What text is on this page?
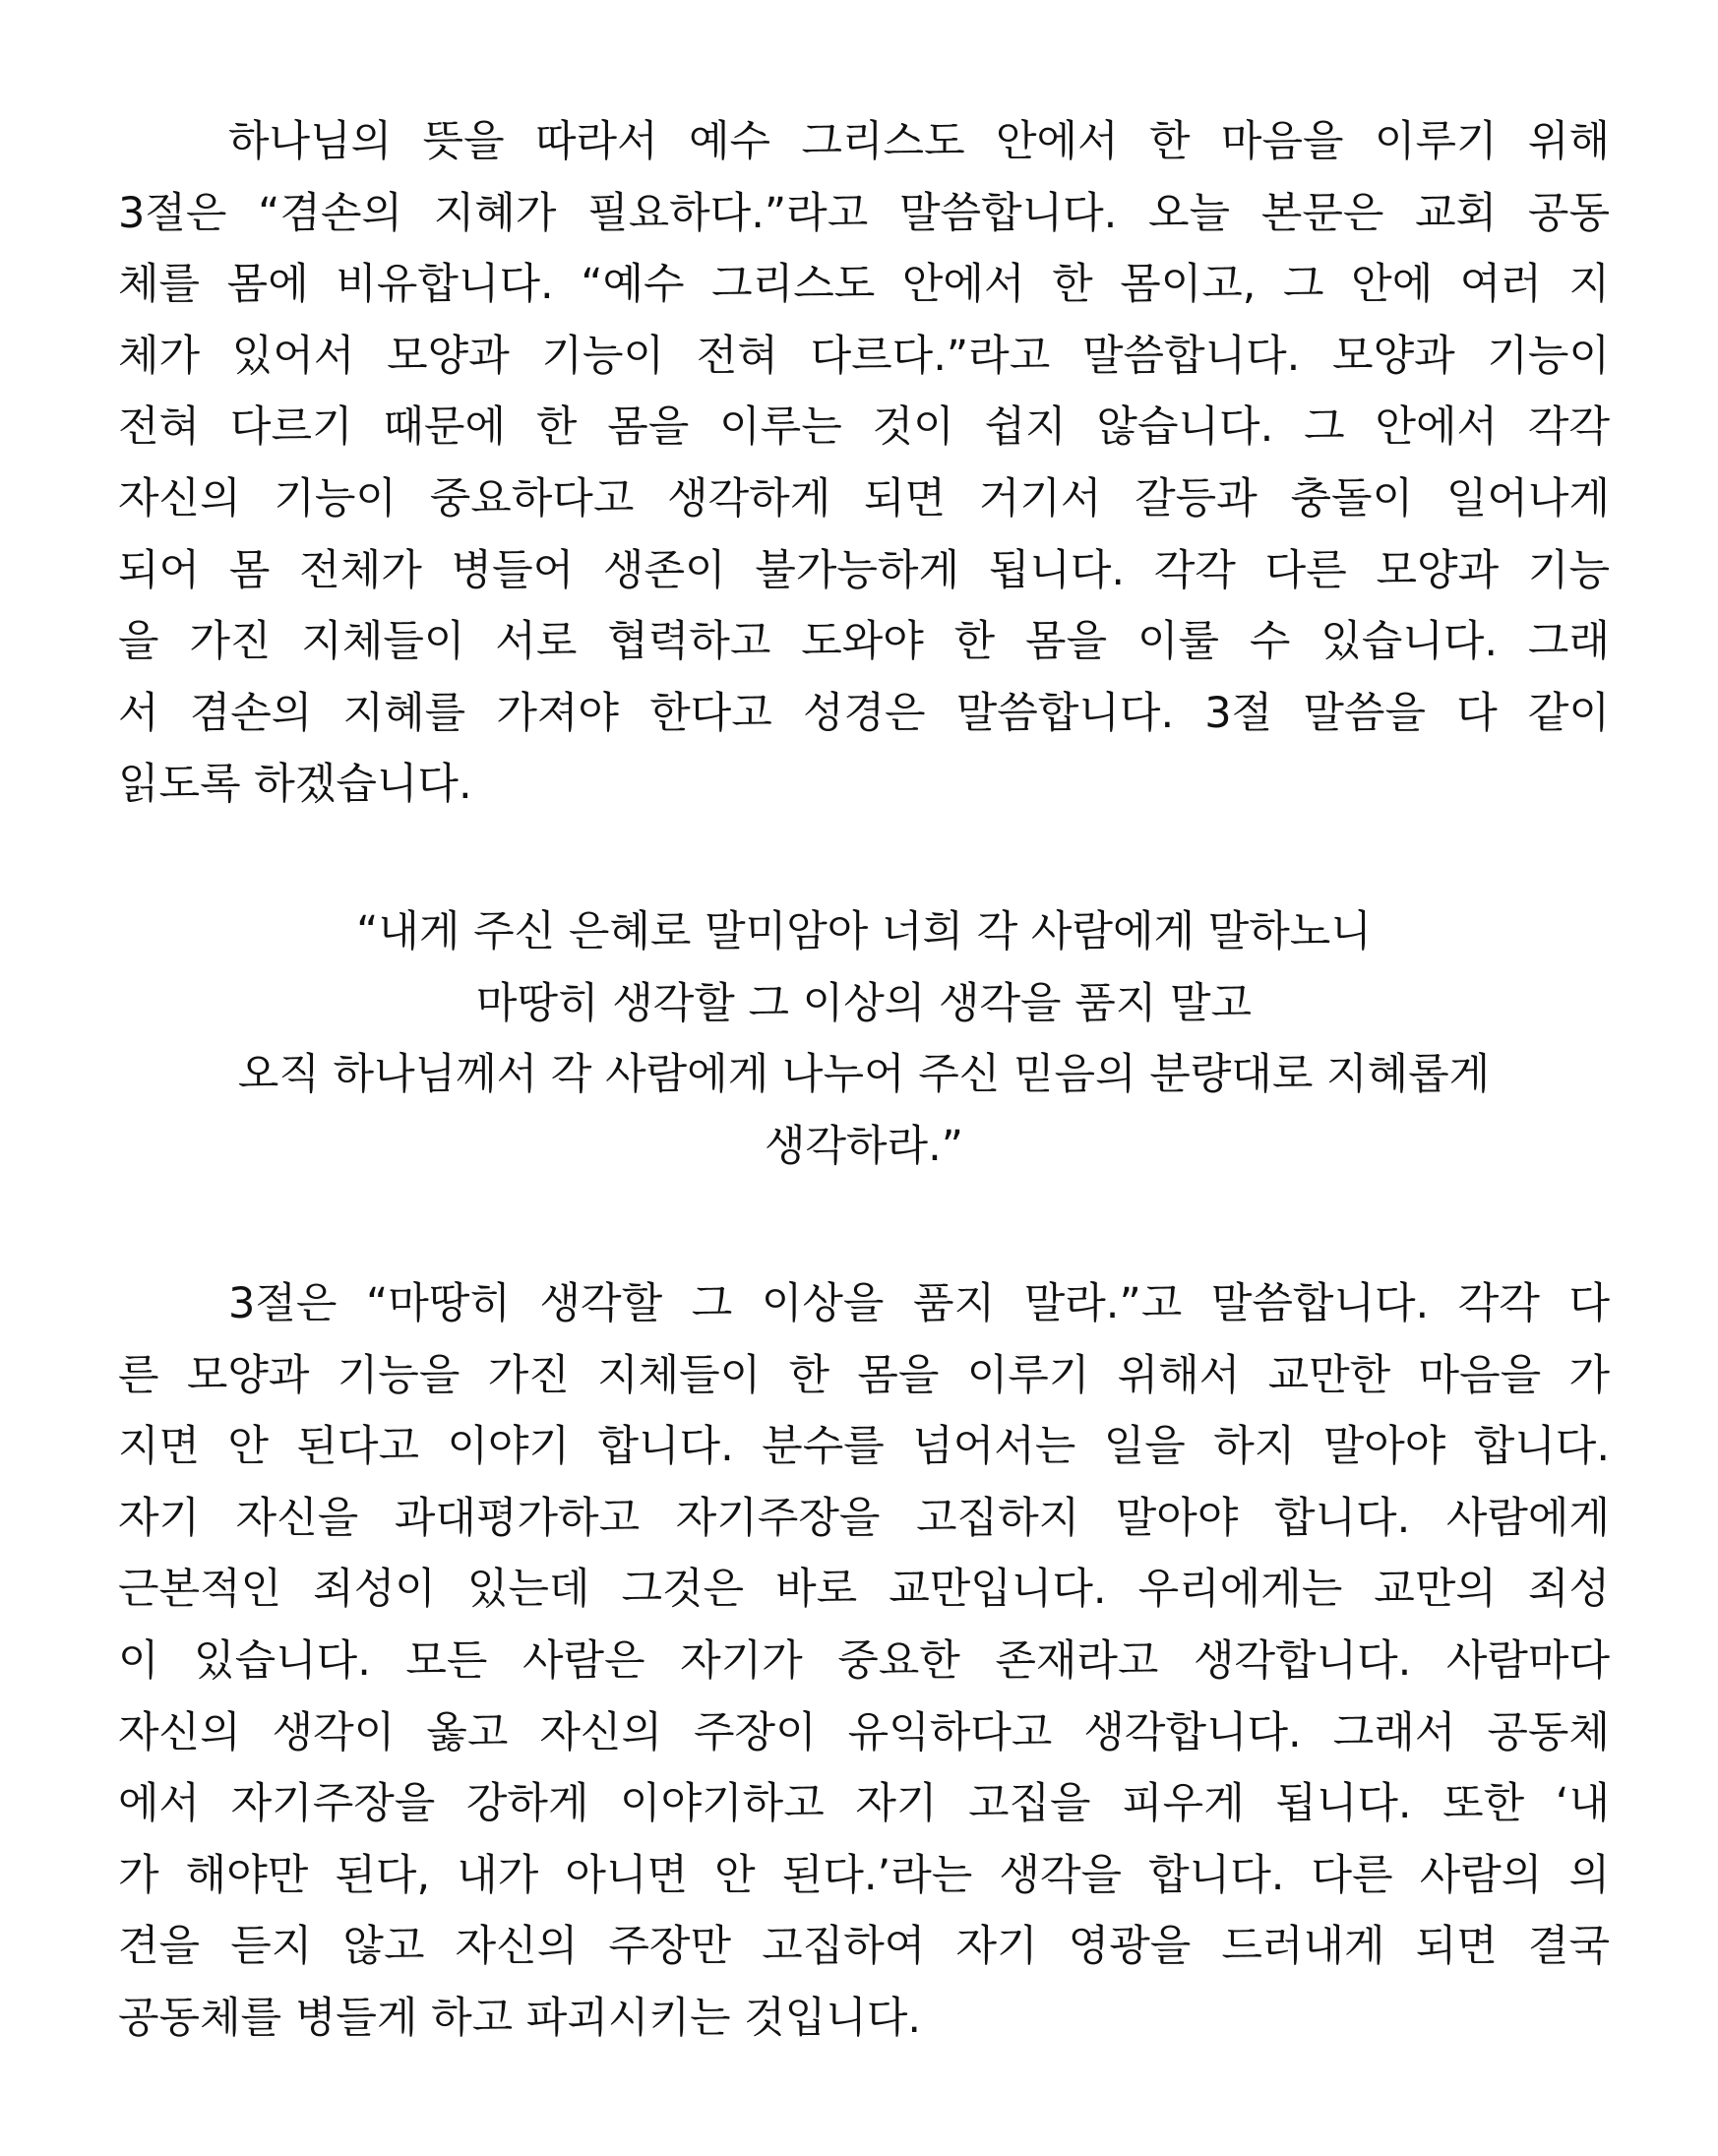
하나님의 뜻을 따라서 예수 그리스도 안에서 한 마음을 이루기 위해
3절은 “겸손의 지혜가 필요하다.”라고 말씀합니다. 오늘 본문은 교회 공동
체를 몸에 비유합니다. “예수 그리스도 안에서 한 몸이고, 그 안에 여러 지
체가 있어서 모양과 기능이 전혀 다르다.”라고 말씀합니다. 모양과 기능이
전혀 다르기 때문에 한 몸을 이루는 것이 쉽지 않습니다. 그 안에서 각각
자신의 기능이 중요하다고 생각하게 되면 거기서 갈등과 충돌이 일어나게
되어 몸 전체가 병들어 생존이 불가능하게 됩니다. 각각 다른 모양과 기능
을 가진 지체들이 서로 협력하고 도와야 한 몸을 이룰 수 있습니다. 그래
서 겸손의 지혜를 가져야 한다고 성경은 말씀합니다. 3절 말씀을 다 같이
읽도록 하겠습니다.
“내게 주신 은혜로 말미암아 너희 각 사람에게 말하노니
마땅히 생각할 그 이상의 생각을 품지 말고
오직 하나님께서 각 사람에게 나누어 주신 믿음의 분량대로 지혜롭게
생각하라.”
3절은 “마땅히 생각할 그 이상을 품지 말라.”고 말씀합니다. 각각 다
른 모양과 기능을 가진 지체들이 한 몸을 이루기 위해서 교만한 마음을 가
지면 안 된다고 이야기 합니다. 분수를 넘어서는 일을 하지 말아야 합니다.
자기 자신을 과대평가하고 자기주장을 고집하지 말아야 합니다. 사람에게
근본적인 죄성이 있는데 그것은 바로 교만입니다. 우리에게는 교만의 죄성
이 있습니다. 모든 사람은 자기가 중요한 존재라고 생각합니다. 사람마다
자신의 생각이 옳고 자신의 주장이 유익하다고 생각합니다. 그래서 공동체
에서 자기주장을 강하게 이야기하고 자기 고집을 피우게 됩니다. 또한 ‘내
가 해야만 된다, 내가 아니면 안 된다.’라는 생각을 합니다. 다른 사람의 의
견을 듣지 않고 자신의 주장만 고집하여 자기 영광을 드러내게 되면 결국
공동체를 병들게 하고 파괴시키는 것입니다.
